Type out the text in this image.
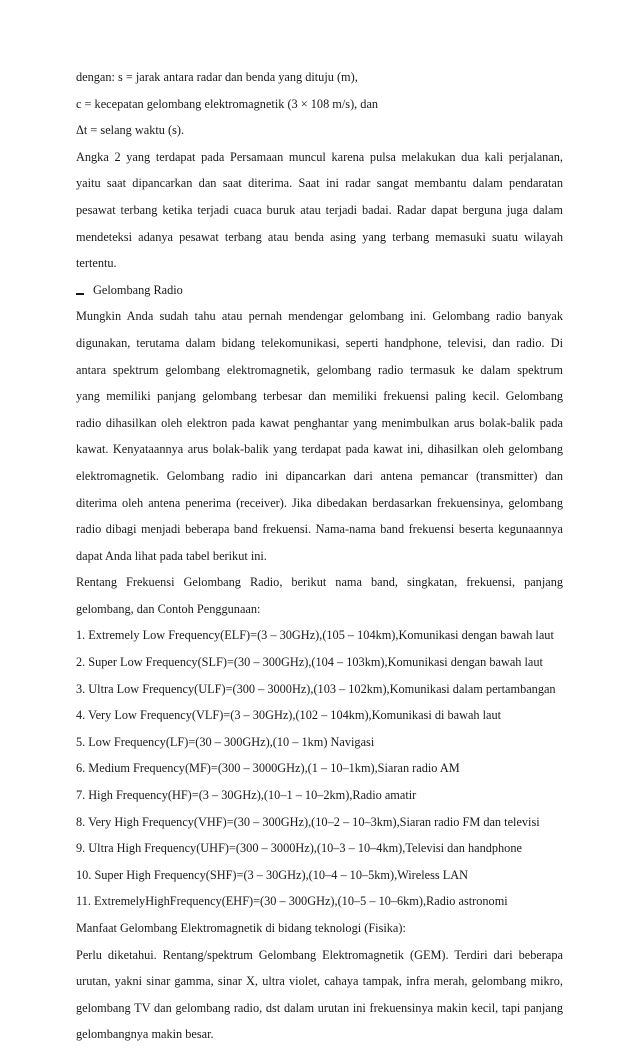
dengan: s = jarak antara radar dan benda yang dituju (m),
c = kecepatan gelombang elektromagnetik (3 × 108 m/s), dan
Δt = selang waktu (s).
Angka 2 yang terdapat pada Persamaan muncul karena pulsa melakukan dua kali perjalanan,
yaitu saat dipancarkan dan saat diterima. Saat ini radar sangat membantu dalam pendaratan
pesawat terbang ketika terjadi cuaca buruk atau terjadi badai. Radar dapat berguna juga dalam
mendeteksi adanya pesawat terbang atau benda asing yang terbang memasuki suatu wilayah
tertentu.
Gelombang Radio
Mungkin Anda sudah tahu atau pernah mendengar gelombang ini. Gelombang radio banyak
digunakan, terutama dalam bidang telekomunikasi, seperti handphone, televisi, dan radio. Di
antara spektrum gelombang elektromagnetik, gelombang radio termasuk ke dalam spektrum
yang memiliki panjang gelombang terbesar dan memiliki frekuensi paling kecil. Gelombang
radio dihasilkan oleh elektron pada kawat penghantar yang menimbulkan arus bolak-balik pada
kawat. Kenyataannya arus bolak-balik yang terdapat pada kawat ini, dihasilkan oleh gelombang
elektromagnetik. Gelombang radio ini dipancarkan dari antena pemancar (transmitter) dan
diterima oleh antena penerima (receiver). Jika dibedakan berdasarkan frekuensinya, gelombang
radio dibagi menjadi beberapa band frekuensi. Nama-nama band frekuensi beserta kegunaannya
dapat Anda lihat pada tabel berikut ini.
Rentang Frekuensi Gelombang Radio, berikut nama band, singkatan, frekuensi, panjang
gelombang, dan Contoh Penggunaan:
1. Extremely Low Frequency(ELF)=(3 – 30GHz),(105 – 104km),Komunikasi dengan bawah laut
2. Super Low Frequency(SLF)=(30 – 300GHz),(104 – 103km),Komunikasi dengan bawah laut
3. Ultra Low Frequency(ULF)=(300 – 3000Hz),(103 – 102km),Komunikasi dalam pertambangan
4. Very Low Frequency(VLF)=(3 – 30GHz),(102 – 104km),Komunikasi di bawah laut
5. Low Frequency(LF)=(30 – 300GHz),(10 – 1km) Navigasi
6. Medium Frequency(MF)=(300 – 3000GHz),(1 – 10–1km),Siaran radio AM
7. High Frequency(HF)=(3 – 30GHz),(10–1 – 10–2km),Radio amatir
8. Very High Frequency(VHF)=(30 – 300GHz),(10–2 – 10–3km),Siaran radio FM dan televisi
9. Ultra High Frequency(UHF)=(300 – 3000Hz),(10–3 – 10–4km),Televisi dan handphone
10. Super High Frequency(SHF)=(3 – 30GHz),(10–4 – 10–5km),Wireless LAN
11. ExtremelyHighFrequency(EHF)=(30 – 300GHz),(10–5 – 10–6km),Radio astronomi
Manfaat Gelombang Elektromagnetik di bidang teknologi (Fisika):
Perlu diketahui. Rentang/spektrum Gelombang Elektromagnetik (GEM). Terdiri dari beberapa
urutan, yakni sinar gamma, sinar X, ultra violet, cahaya tampak, infra merah, gelombang mikro,
gelombang TV dan gelombang radio, dst dalam urutan ini frekuensinya makin kecil, tapi panjang
gelombangnya makin besar.
